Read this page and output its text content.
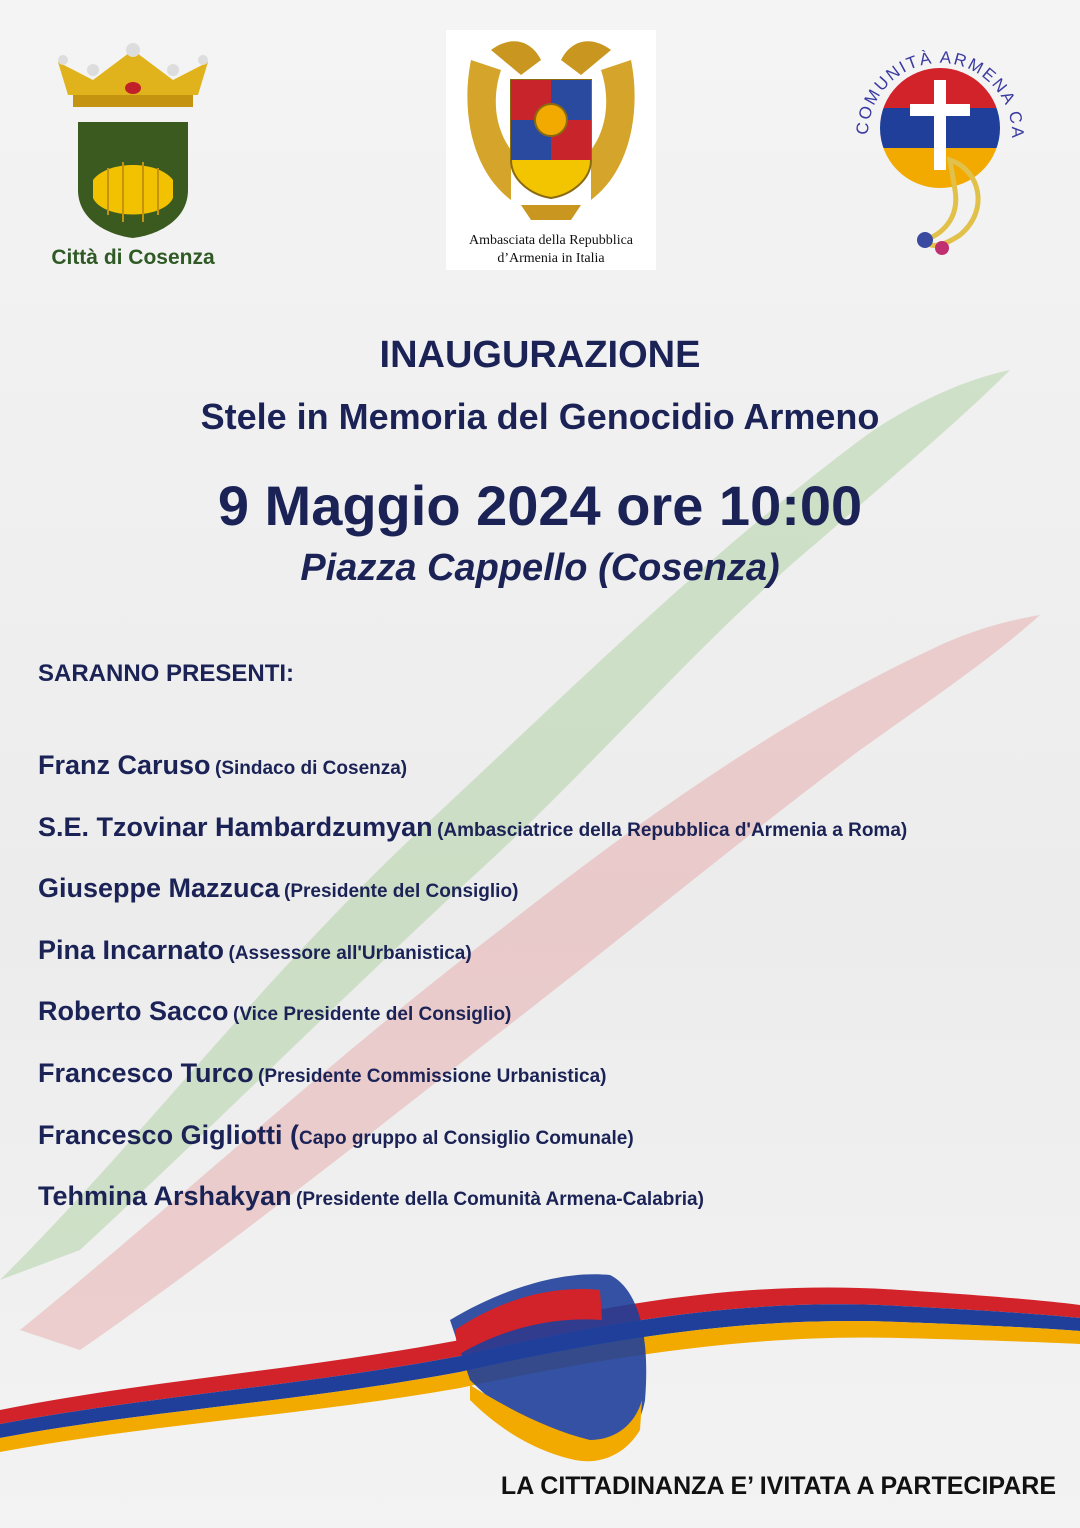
Città di Cosenza
Ambasciata della Repubblica
d’Armenia in Italia
COMUNITÀ ARMENA CA
INAUGURAZIONE
Stele in Memoria del Genocidio Armeno
9 Maggio 2024 ore 10:00
Piazza Cappello (Cosenza)
SARANNO PRESENTI:
Franz Caruso (Sindaco di Cosenza)
S.E. Tzovinar Hambardzumyan (Ambasciatrice della Repubblica d'Armenia a Roma)
Giuseppe Mazzuca (Presidente del Consiglio)
Pina Incarnato (Assessore all'Urbanistica)
Roberto Sacco (Vice Presidente del Consiglio)
Francesco Turco (Presidente Commissione Urbanistica)
Francesco Gigliotti (Capo gruppo al Consiglio Comunale)
Tehmina Arshakyan (Presidente della Comunità Armena-Calabria)
LA CITTADINANZA E’ IVITATA A PARTECIPARE
